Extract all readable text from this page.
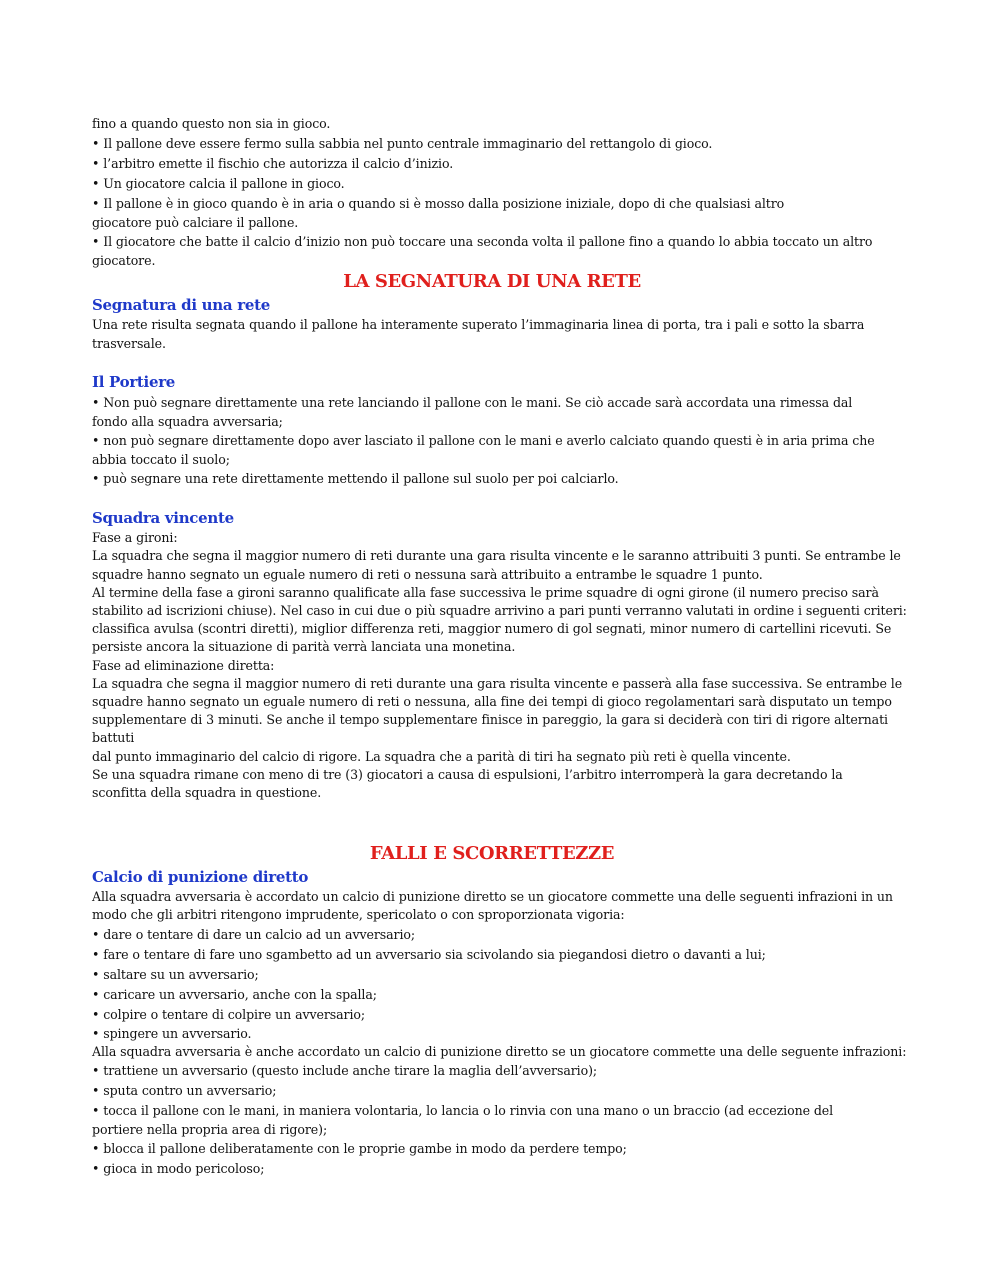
fino a quando questo non sia in gioco.
• Il pallone deve essere fermo sulla sabbia nel punto centrale immaginario del rettangolo di gioco.
• l’arbitro emette il fischio che autorizza il calcio d’inizio.
• Un giocatore calcia il pallone in gioco.
• Il pallone è in gioco quando è in aria o quando si è mosso dalla posizione iniziale, dopo di che qualsiasi altro
giocatore può calciare il pallone.
• Il giocatore che batte il calcio d’inizio non può toccare una seconda volta il pallone fino a quando lo abbia toccato un altro
giocatore.
LA SEGNATURA DI UNA RETE
Segnatura di una rete
Una rete risulta segnata quando il pallone ha interamente superato l’immaginaria linea di porta, tra i pali e sotto la sbarra
trasversale.
Il Portiere
• Non può segnare direttamente una rete lanciando il pallone con le mani. Se ciò accade sarà accordata una rimessa dal
fondo alla squadra avversaria;
• non può segnare direttamente dopo aver lasciato il pallone con le mani e averlo calciato quando questi è in aria prima che
abbia toccato il suolo;
• può segnare una rete direttamente mettendo il pallone sul suolo per poi calciarlo.
Squadra vincente
Fase a gironi:
La squadra che segna il maggior numero di reti durante una gara risulta vincente e le saranno attribuiti 3 punti. Se entrambe le
squadre hanno segnato un eguale numero di reti o nessuna sarà attribuito a entrambe le squadre 1 punto.
Al termine della fase a gironi saranno qualificate alla fase successiva le prime squadre di ogni girone (il numero preciso sarà
stabilito ad iscrizioni chiuse). Nel caso in cui due o più squadre arrivino a pari punti verranno valutati in ordine i seguenti criteri:
classifica avulsa (scontri diretti), miglior differenza reti, maggior numero di gol segnati, minor numero di cartellini ricevuti. Se
persiste ancora la situazione di parità verrà lanciata una monetina.
Fase ad eliminazione diretta:
La squadra che segna il maggior numero di reti durante una gara risulta vincente e passerà alla fase successiva. Se entrambe le
squadre hanno segnato un eguale numero di reti o nessuna, alla fine dei tempi di gioco regolamentari sarà disputato un tempo
supplementare di 3 minuti. Se anche il tempo supplementare finisce in pareggio, la gara si deciderà con tiri di rigore alternati
battuti
dal punto immaginario del calcio di rigore. La squadra che a parità di tiri ha segnato più reti è quella vincente.
Se una squadra rimane con meno di tre (3) giocatori a causa di espulsioni, l’arbitro interromperà la gara decretando la
sconfitta della squadra in questione.
FALLI E SCORRETTEZZE
Calcio di punizione diretto
Alla squadra avversaria è accordato un calcio di punizione diretto se un giocatore commette una delle seguenti infrazioni in un
modo che gli arbitri ritengono imprudente, spericolato o con sproporzionata vigoria:
• dare o tentare di dare un calcio ad un avversario;
• fare o tentare di fare uno sgambetto ad un avversario sia scivolando sia piegandosi dietro o davanti a lui;
• saltare su un avversario;
• caricare un avversario, anche con la spalla;
• colpire o tentare di colpire un avversario;
• spingere un avversario.
Alla squadra avversaria è anche accordato un calcio di punizione diretto se un giocatore commette una delle seguente infrazioni:
• trattiene un avversario (questo include anche tirare la maglia dell’avversario);
• sputa contro un avversario;
• tocca il pallone con le mani, in maniera volontaria, lo lancia o lo rinvia con una mano o un braccio (ad eccezione del
portiere nella propria area di rigore);
• blocca il pallone deliberatamente con le proprie gambe in modo da perdere tempo;
• gioca in modo pericoloso;
